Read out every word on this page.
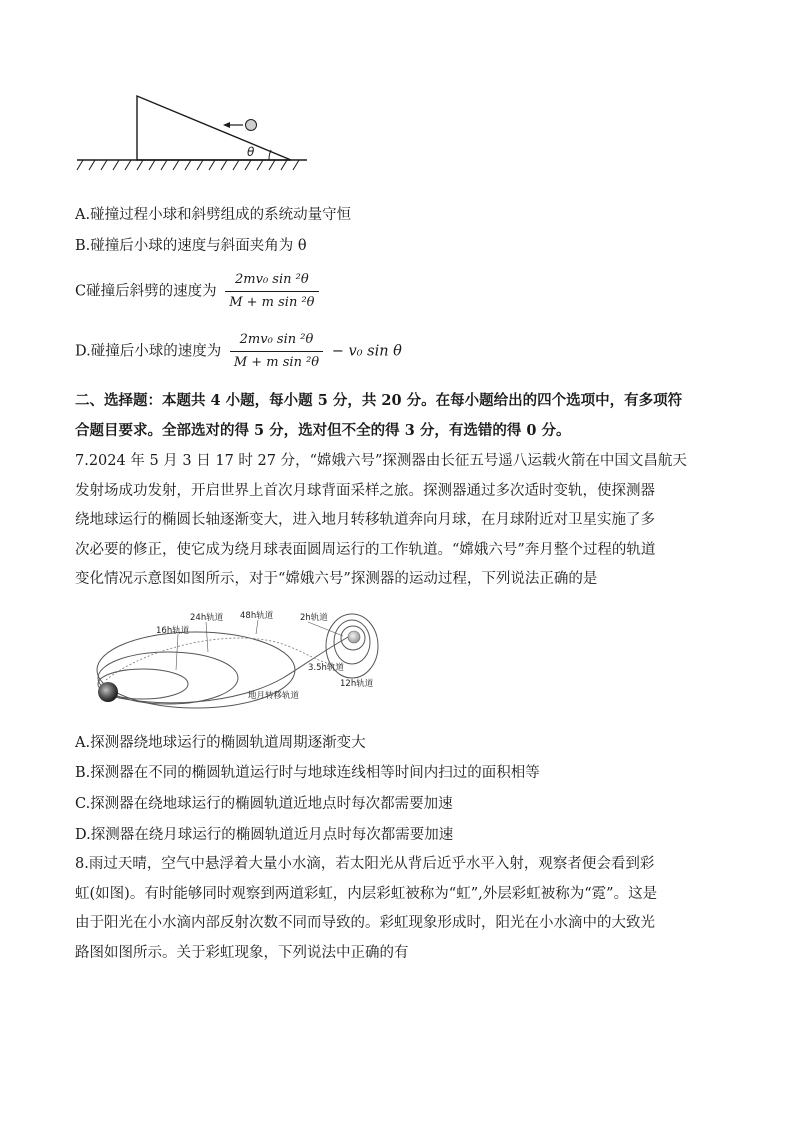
θ
A.碰撞过程小球和斜劈组成的系统动量守恒
B.碰撞后小球的速度与斜面夹角为 θ
C碰撞后斜劈的速度为 $\frac{\text{2mv₀ sin ²θ}}{\text{M + m sin ²θ}}$
D.碰撞后小球的速度为 $\frac{\text{2mv₀ sin ²θ}}{\text{M + m sin ²θ}} - v_0$ sin θ
二、选择题：本题共 4 小题，每小题 5 分，共 20 分。在每小题给出的四个选项中，有多项符
合题目要求。全部选对的得 5 分，选对但不全的得 3 分，有选错的得 0 分。
7.2024 年 5 月 3 日 17 时 27 分，“嫦娥六号”探测器由长征五号遥八运载火箭在中国文昌航天
发射场成功发射，开启世界上首次月球背面采样之旅。探测器通过多次适时变轨，使探测器
绕地球运行的椭圆长轴逐渐变大，进入地月转移轨道奔向月球，在月球附近对卫星实施了多
次必要的修正，使它成为绕月球表面圆周运行的工作轨道。“嫦娥六号”奔月整个过程的轨道
变化情况示意图如图所示，对于“嫦娥六号”探测器的运动过程，下列说法正确的是
16h轨道
24h轨道 48h轨道	2h轨道
3.5h轨道
12h轨道
地月转移轨道
A.探测器绕地球运行的椭圆轨道周期逐渐变大
B.探测器在不同的椭圆轨道运行时与地球连线相等时间内扫过的面积相等
C.探测器在绕地球运行的椭圆轨道近地点时每次都需要加速
D.探测器在绕月球运行的椭圆轨道近月点时每次都需要加速
8.雨过天晴，空气中悬浮着大量小水滴，若太阳光从背后近乎水平入射，观察者便会看到彩
虹(如图)。有时能够同时观察到两道彩虹，内层彩虹被称为“虹”,外层彩虹被称为“霓”。这是
由于阳光在小水滴内部反射次数不同而导致的。彩虹现象形成时，阳光在小水滴中的大致光
路图如图所示。关于彩虹现象，下列说法中正确的有
